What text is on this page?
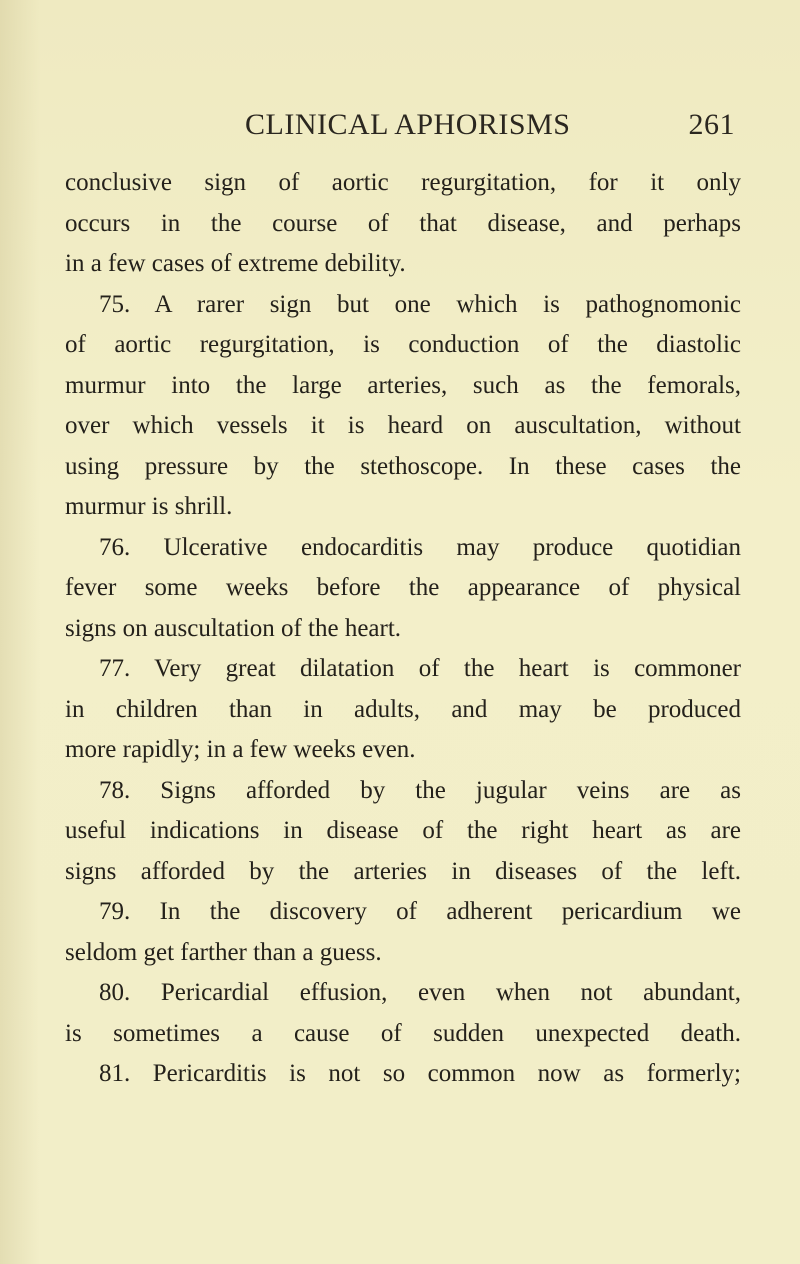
CLINICAL APHORISMS	261
conclusive sign of aortic regurgitation, for it only
occurs in the course of that disease, and perhaps
in a few cases of extreme debility.
75. A rarer sign but one which is pathognomonic
of aortic regurgitation, is conduction of the diastolic
murmur into the large arteries, such as the femorals,
over which vessels it is heard on auscultation, without
using pressure by the stethoscope. In these cases the
murmur is shrill.
76. Ulcerative endocarditis may produce quotidian
fever some weeks before the appearance of physical
signs on auscultation of the heart.
77. Very great dilatation of the heart is commoner
in children than in adults, and may be produced
more rapidly; in a few weeks even.
78. Signs afforded by the jugular veins are as
useful indications in disease of the right heart as are
signs afforded by the arteries in diseases of the left.
79. In the discovery of adherent pericardium we
seldom get farther than a guess.
80. Pericardial effusion, even when not abundant,
is sometimes a cause of sudden unexpected death.
81. Pericarditis is not so common now as formerly;
